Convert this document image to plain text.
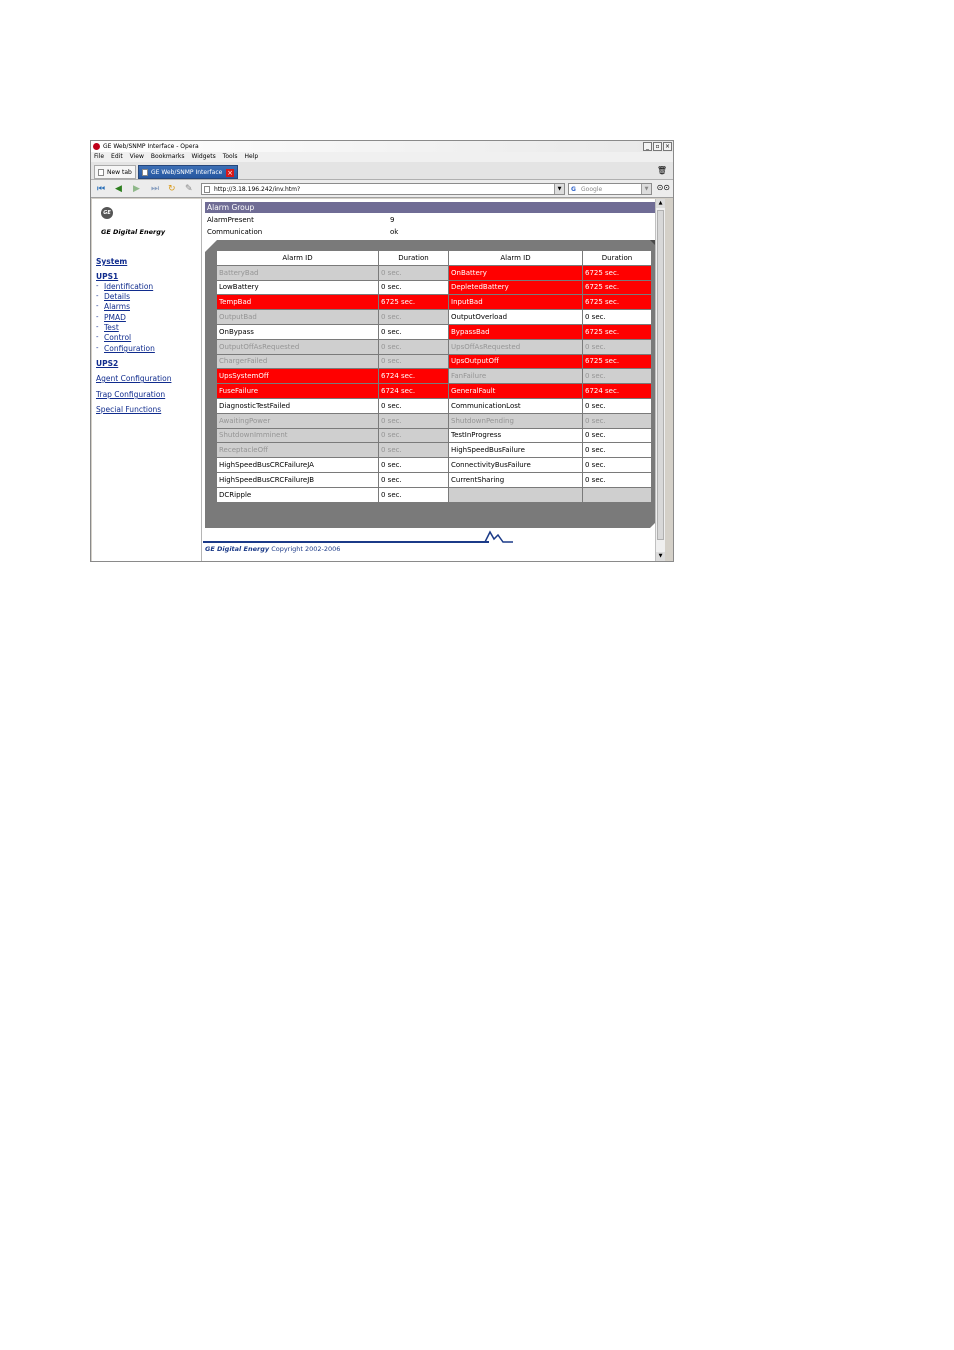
GE Web/SNMP Interface - Opera	_	▫ ×
File Edit View Bookmarks Widgets Tools Help
New tab	GE Web/SNMP Interface ×	🗑
⏮ ◀ ▶ ⏭ ↻ ✎	http://3.18.196.242/inv.htm?	▼	G Google	▼	⊙⊙
GE
GE Digital Energy
System
UPS1
- Identification
- Details
- Alarms
- PMAD
- Test
- Control
- Configuration
UPS2
Agent Configuration
Trap Configuration
Special Functions
Alarm Group
AlarmPresent	9
Communication	ok
Alarm ID	Duration	Alarm ID	Duration
BatteryBad	0 sec.	OnBattery	6725 sec.
LowBattery	0 sec.	DepletedBattery	6725 sec.
TempBad	6725 sec.	InputBad	6725 sec.
OutputBad	0 sec.	OutputOverload	0 sec.
OnBypass	0 sec.	BypassBad	6725 sec.
OutputOffAsRequested	0 sec.	UpsOffAsRequested	0 sec.
ChargerFailed	0 sec.	UpsOutputOff	6725 sec.
UpsSystemOff	6724 sec.	FanFailure	0 sec.
FuseFailure	6724 sec.	GeneralFault	6724 sec.
DiagnosticTestFailed	0 sec.	CommunicationLost	0 sec.
AwaitingPower	0 sec.	ShutdownPending	0 sec.
ShutdownImminent	0 sec.	TestInProgress	0 sec.
ReceptacleOff	0 sec.	HighSpeedBusFailure	0 sec.
HighSpeedBusCRCFailureJA	0 sec.	ConnectivityBusFailure	0 sec.
HighSpeedBusCRCFailureJB	0 sec.	CurrentSharing	0 sec.
DCRipple	0 sec.		
GE Digital Energy Copyright 2002-2006
▲
▼
